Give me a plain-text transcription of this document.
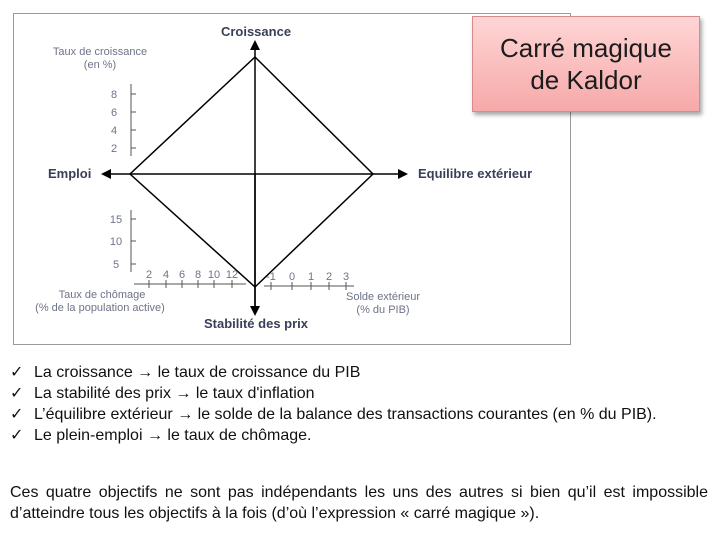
Croissance
Stabilité des prix
Emploi	Equilibre extérieur
Taux de croissance
(en %)
Taux de chômage
(% de la population active)
Solde extérieur
(% du PIB)
8
6
4
2
15
10
5
2 4 6 8 10 12	-1 0 1 2 3
Carré magique
de Kaldor
✓ La croissance → le taux de croissance du PIB
✓ La stabilité des prix → le taux d'inflation
✓ L’équilibre extérieur → le solde de la balance des transactions courantes (en % du PIB).
✓ Le plein-emploi → le taux de chômage.

Ces quatre objectifs ne sont pas indépendants les uns des autres si bien qu’il est impossible d’atteindre tous les objectifs à la fois (d’où l’expression « carré magique »).
